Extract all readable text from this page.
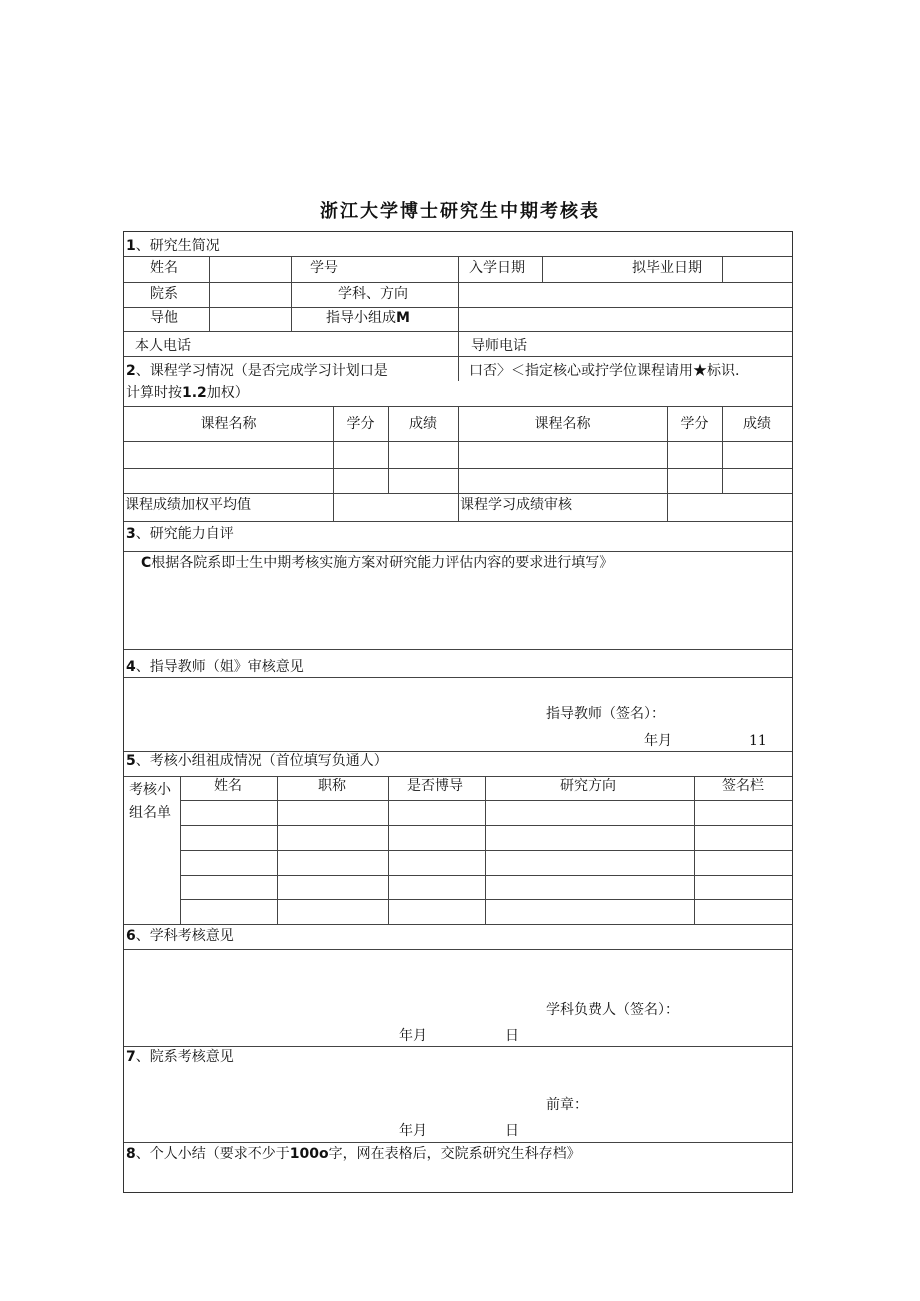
浙江大学博士研究生中期考核表
1、研究生简况
姓名	学号	入学日期	拟毕业日期
院系	学科、方向
导他	指导小组成M
本人电话	导师电话
2、课程学习情况（是否完成学习计划口是	口否〉＜指定核心或拧学位课程请用★标识.
计算时按1.2加权）
课程名称	学分	成绩	课程名称	学分	成绩
课程成绩加权平均值	课程学习成绩审核
3、研究能力自评
C根据各院系即士生中期考核实施方案对研究能力评估内容的要求进行填写》
4、指导教师（姐》审核意见
指导教师（签名）：
年月	11
5、考核小组祖成情况（首位填写负通人）
考核小
组名单
姓名	职称	是否博导	研究方向	签名栏
6、学科考核意见
学科负费人（签名）：
年月	日
7、院系考核意见
前章：
年月	日
8、个人小结（要求不少于100o字，网在表格后，交院系研究生科存档》
